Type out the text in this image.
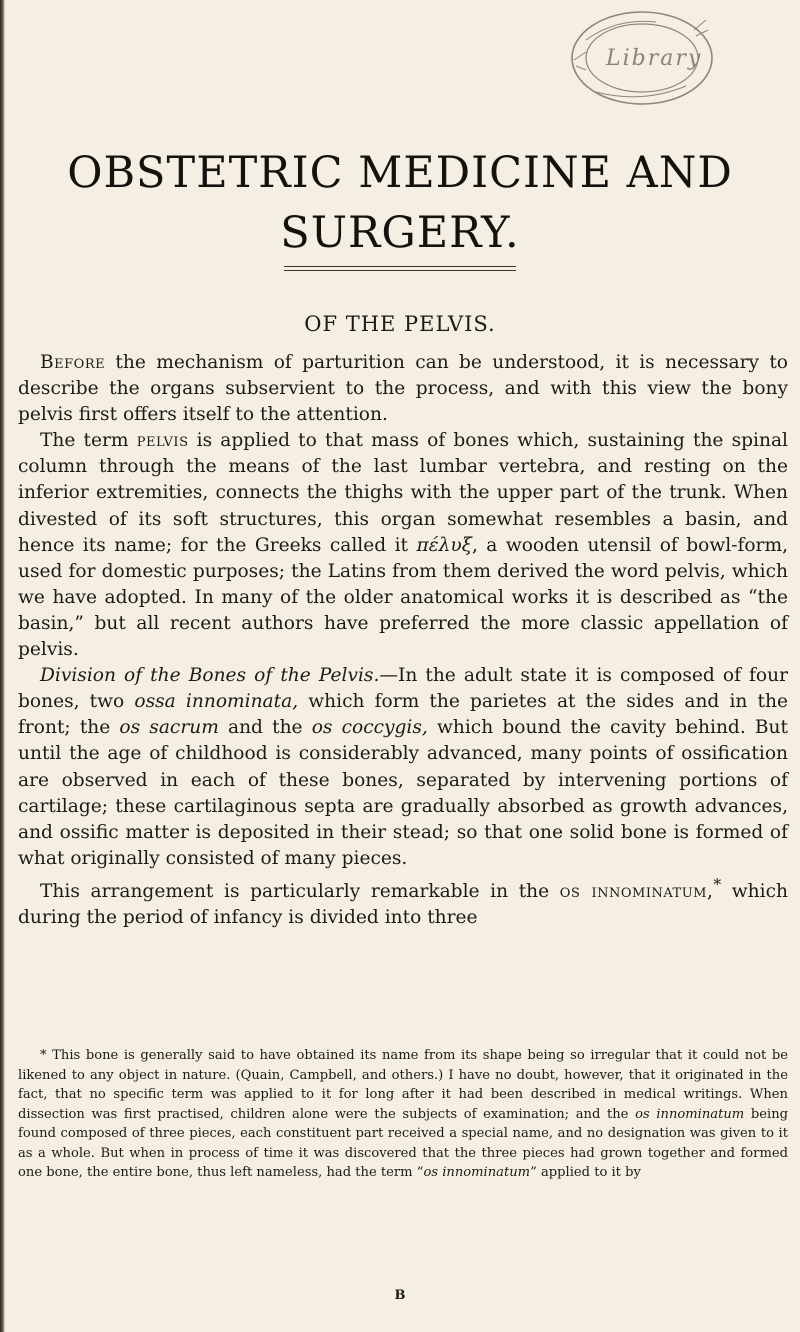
Library
OBSTETRIC MEDICINE AND
SURGERY.
OF THE PELVIS.

Before the mechanism of parturition can be understood, it is necessary to describe the organs subservient to the process, and with this view the bony pelvis first offers itself to the attention.

The term pelvis is applied to that mass of bones which, sustaining the spinal column through the means of the last lumbar vertebra, and resting on the inferior extremities, connects the thighs with the upper part of the trunk. When divested of its soft structures, this organ somewhat resembles a basin, and hence its name; for the Greeks called it πέλυξ, a wooden utensil of bowl-form, used for domestic purposes; the Latins from them derived the word pelvis, which we have adopted. In many of the older anatomical works it is described as “the basin,” but all recent authors have preferred the more classic appellation of pelvis.

Division of the Bones of the Pelvis.—In the adult state it is composed of four bones, two ossa innominata, which form the parietes at the sides and in the front; the os sacrum and the os coccygis, which bound the cavity behind. But until the age of childhood is considerably advanced, many points of ossification are observed in each of these bones, separated by intervening portions of cartilage; these cartilaginous septa are gradually absorbed as growth advances, and ossific matter is deposited in their stead; so that one solid bone is formed of what originally consisted of many pieces.

This arrangement is particularly remarkable in the os innominatum,* which during the period of infancy is divided into three

* This bone is generally said to have obtained its name from its shape being so irregular that it could not be likened to any object in nature. (Quain, Campbell, and others.) I have no doubt, however, that it originated in the fact, that no specific term was applied to it for long after it had been described in medical writings. When dissection was first practised, children alone were the subjects of examination; and the os innominatum being found composed of three pieces, each constituent part received a special name, and no designation was given to it as a whole. But when in process of time it was discovered that the three pieces had grown together and formed one bone, the entire bone, thus left nameless, had the term “os innominatum” applied to it by

B
